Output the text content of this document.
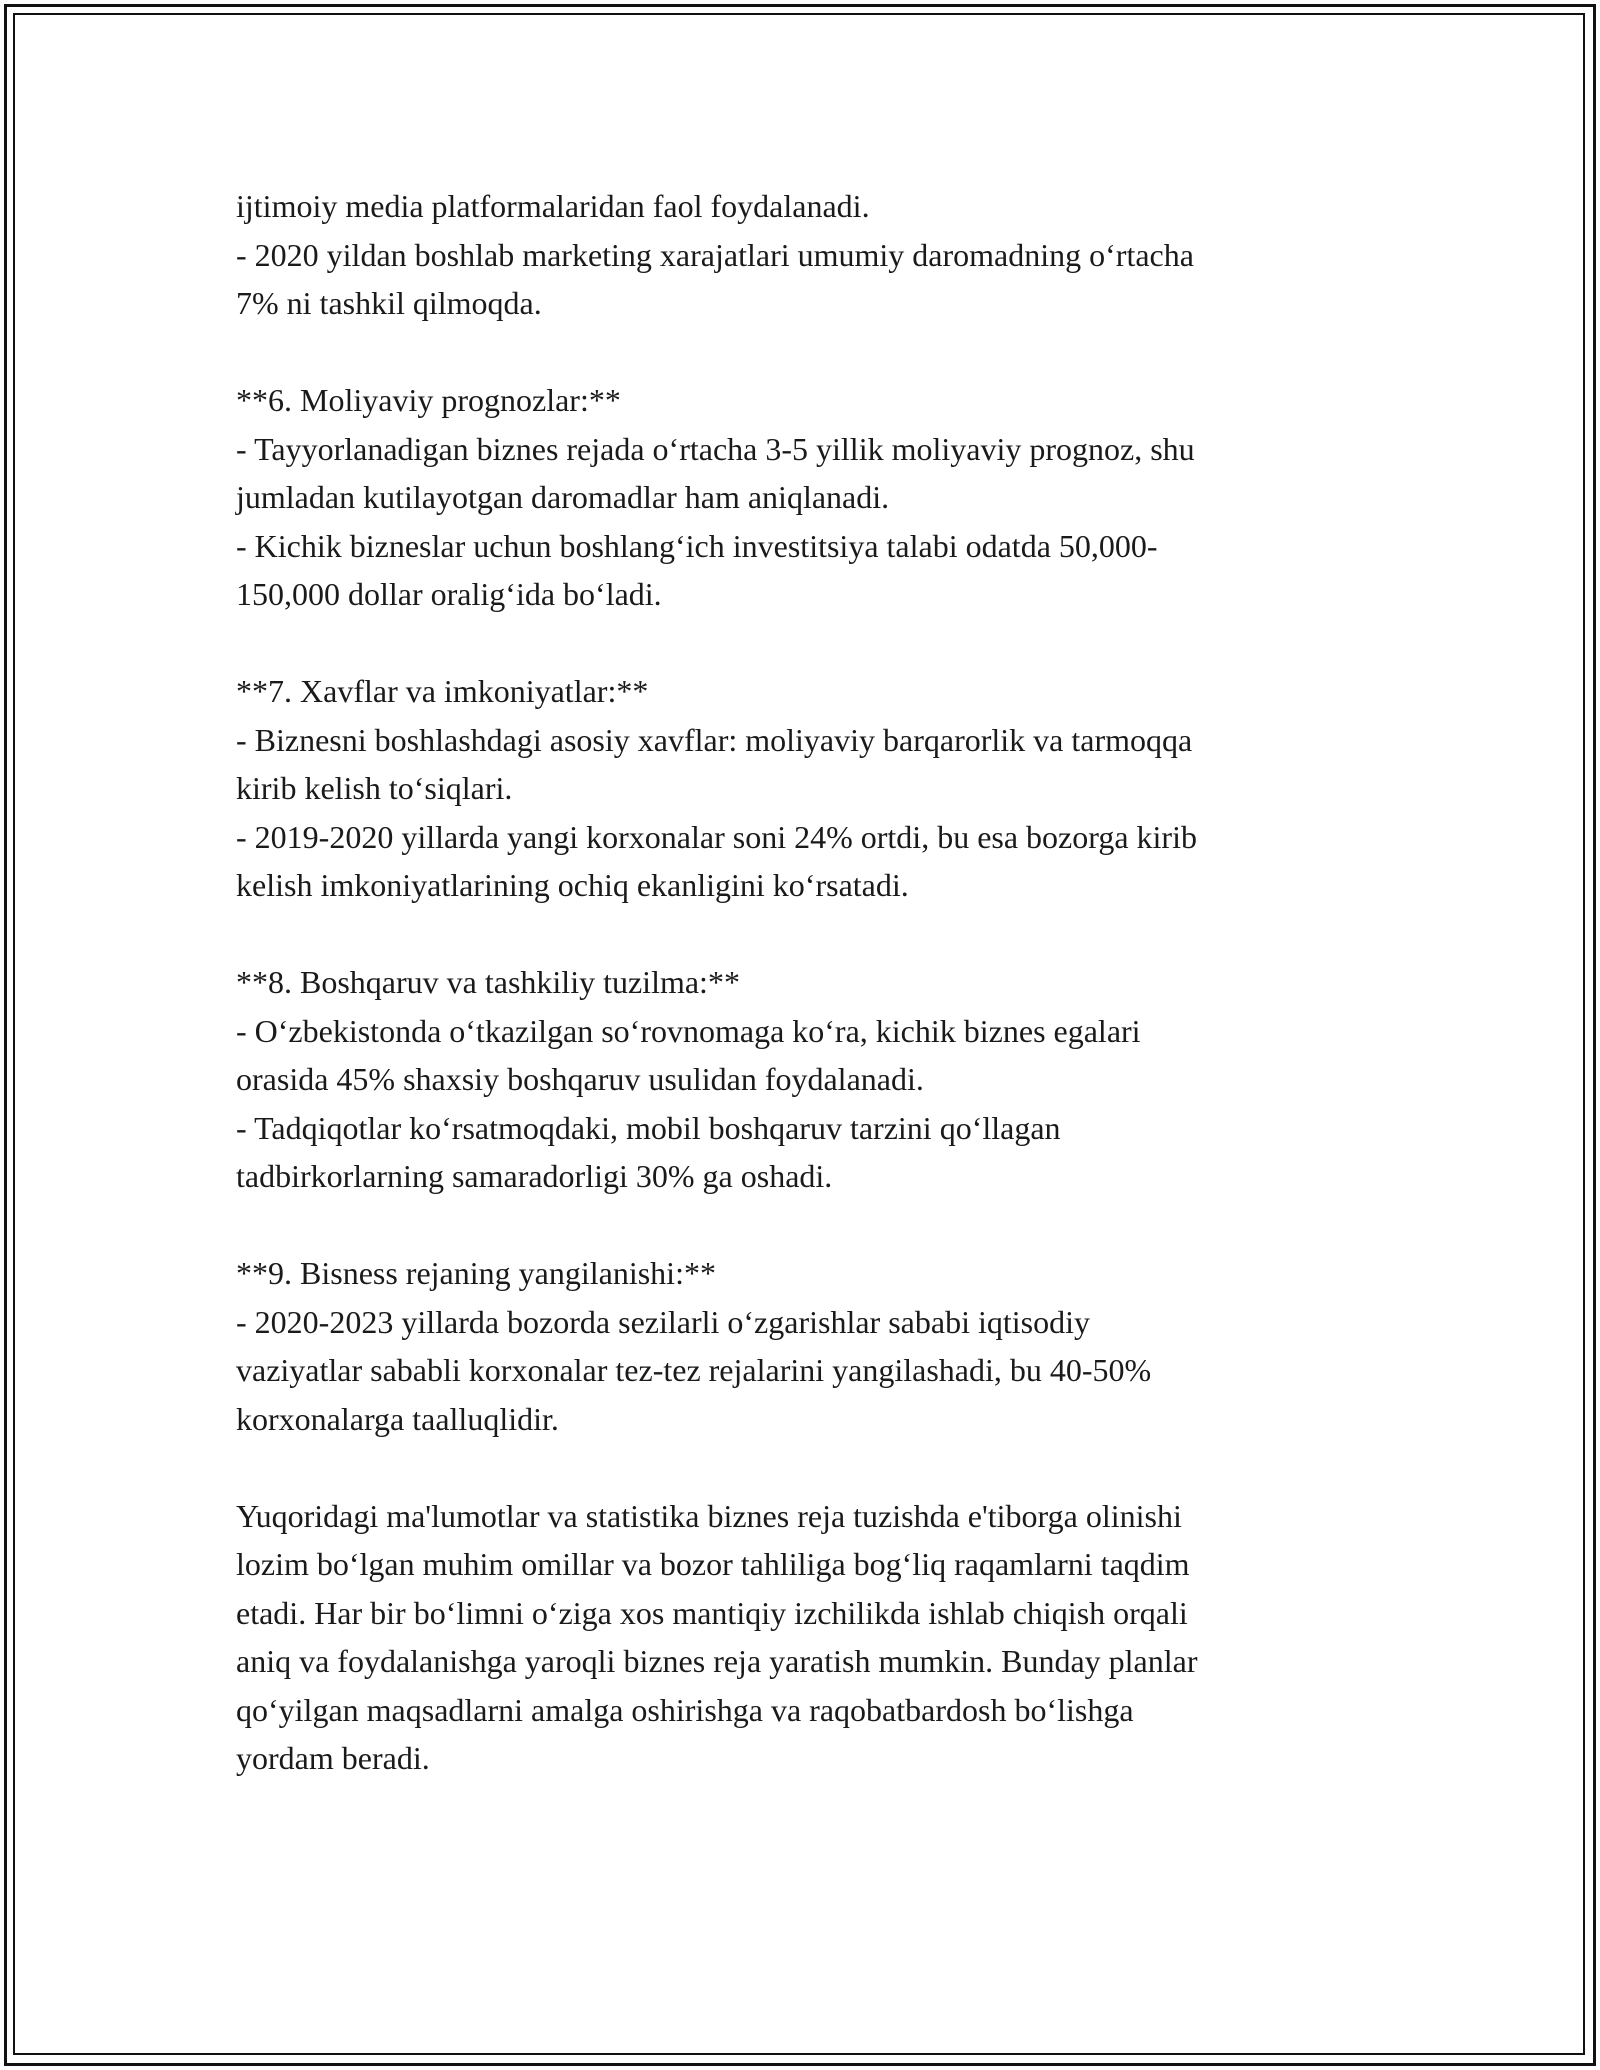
ijtimoiy media platformalaridan faol foydalanadi.
- 2020 yildan boshlab marketing xarajatlari umumiy daromadning o‘rtacha
7% ni tashkil qilmoqda.
**6. Moliyaviy prognozlar:**
- Tayyorlanadigan biznes rejada o‘rtacha 3-5 yillik moliyaviy prognoz, shu
jumladan kutilayotgan daromadlar ham aniqlanadi.
- Kichik bizneslar uchun boshlang‘ich investitsiya talabi odatda 50,000-
150,000 dollar oralig‘ida bo‘ladi.
**7. Xavflar va imkoniyatlar:**
- Biznesni boshlashdagi asosiy xavflar: moliyaviy barqarorlik va tarmoqqa
kirib kelish to‘siqlari.
- 2019-2020 yillarda yangi korxonalar soni 24% ortdi, bu esa bozorga kirib
kelish imkoniyatlarining ochiq ekanligini ko‘rsatadi.
**8. Boshqaruv va tashkiliy tuzilma:**
- O‘zbekistonda o‘tkazilgan so‘rovnomaga ko‘ra, kichik biznes egalari
orasida 45% shaxsiy boshqaruv usulidan foydalanadi.
- Tadqiqotlar ko‘rsatmoqdaki, mobil boshqaruv tarzini qo‘llagan
tadbirkorlarning samaradorligi 30% ga oshadi.
**9. Bisness rejaning yangilanishi:**
- 2020-2023 yillarda bozorda sezilarli o‘zgarishlar sababi iqtisodiy
vaziyatlar sababli korxonalar tez-tez rejalarini yangilashadi, bu 40-50%
korxonalarga taalluqlidir.
Yuqoridagi ma'lumotlar va statistika biznes reja tuzishda e'tiborga olinishi
lozim bo‘lgan muhim omillar va bozor tahliliga bog‘liq raqamlarni taqdim
etadi. Har bir bo‘limni o‘ziga xos mantiqiy izchilikda ishlab chiqish orqali
aniq va foydalanishga yaroqli biznes reja yaratish mumkin. Bunday planlar
qo‘yilgan maqsadlarni amalga oshirishga va raqobatbardosh bo‘lishga
yordam beradi.
